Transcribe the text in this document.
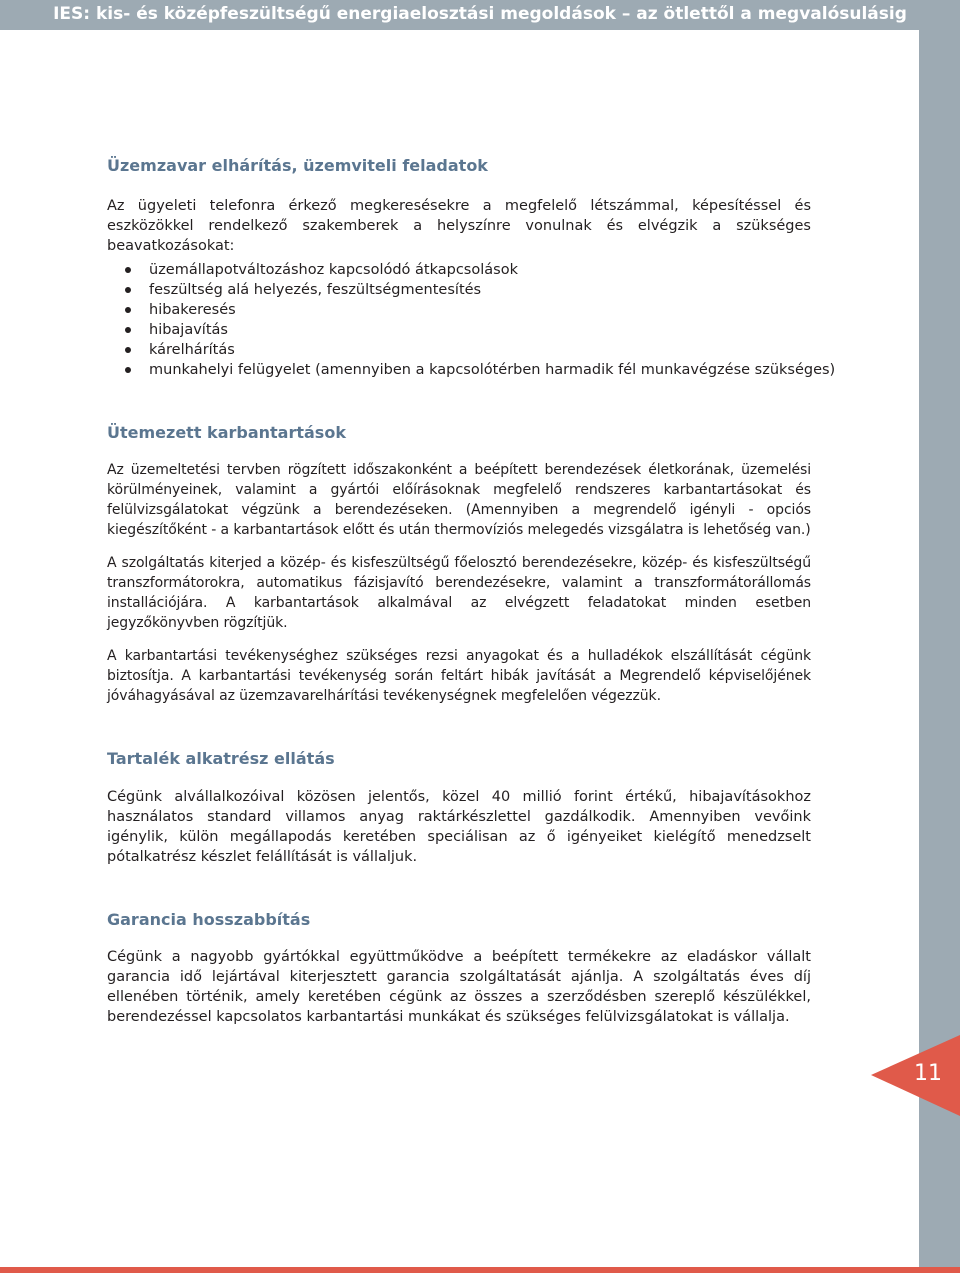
IES: kis- és középfeszültségű energiaelosztási megoldások – az ötlettől a megvalósulásig
Üzemzavar elhárítás, üzemviteli feladatok

Az ügyeleti telefonra érkező megkeresésekre a megfelelő létszámmal, képesítéssel és eszközökkel rendelkező szakemberek a helyszínre vonulnak és elvégzik a szükséges beavatkozásokat:

üzemállapotváltozáshoz kapcsolódó átkapcsolások
feszültség alá helyezés, feszültségmentesítés
hibakeresés
hibajavítás
kárelhárítás
munkahelyi felügyelet (amennyiben a kapcsolótérben harmadik fél munkavégzése szükséges)
Ütemezett karbantartások

Az üzemeltetési tervben rögzített időszakonként a beépített berendezések életkorának, üzemelési körülményeinek, valamint a gyártói előírásoknak megfelelő rendszeres karbantartásokat és felülvizsgálatokat végzünk a berendezéseken. (Amennyiben a megrendelő igényli - opciós kiegészítőként - a karbantartások előtt és után thermovíziós melegedés vizsgálatra is lehetőség van.)

A szolgáltatás kiterjed a közép- és kisfeszültségű főelosztó berendezésekre, közép- és kisfeszültségű transzformátorokra, automatikus fázisjavító berendezésekre, valamint a transzformátorállomás installációjára. A karbantartások alkalmával az elvégzett feladatokat minden esetben jegyzőkönyvben rögzítjük.

A karbantartási tevékenységhez szükséges rezsi anyagokat és a hulladékok elszállítását cégünk biztosítja. A karbantartási tevékenység során feltárt hibák javítását a Megrendelő képviselőjének jóváhagyásával az üzemzavarelhárítási tevékenységnek megfelelően végezzük.

Tartalék alkatrész ellátás

Cégünk alvállalkozóival közösen jelentős, közel 40 millió forint értékű, hibajavításokhoz használatos standard villamos anyag raktárkészlettel gazdálkodik. Amennyiben vevőink igénylik, külön megállapodás keretében speciálisan az ő igényeiket kielégítő menedzselt pótalkatrész készlet felállítását is vállaljuk.

Garancia hosszabbítás

Cégünk a nagyobb gyártókkal együttműködve a beépített termékekre az eladáskor vállalt garancia idő lejártával kiterjesztett garancia szolgáltatását ajánlja. A szolgáltatás éves díj ellenében történik, amely keretében cégünk az összes a szerződésben szereplő készülékkel, berendezéssel kapcsolatos karbantartási munkákat és szükséges felülvizsgálatokat is vállalja.

11
